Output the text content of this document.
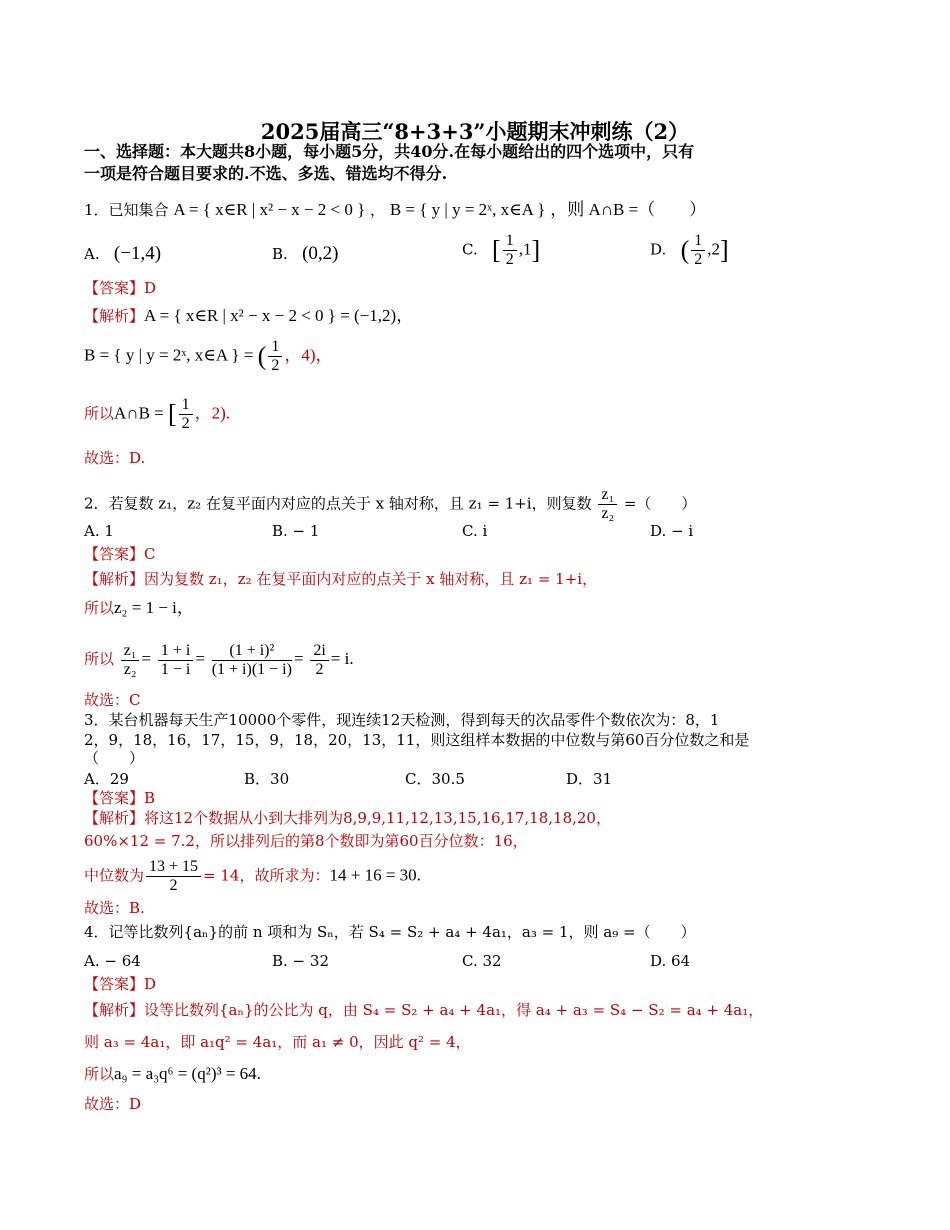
2025届高三“8+3+3”小题期末冲刺练（2）
一、选择题：本大题共8小题，每小题5分，共40分.在每小题给出的四个选项中，只有
一项是符合题目要求的.不选、多选、错选均不得分.
1．已知集合 A = { x∈R | x² − x − 2 < 0 } ， B = { y | y = 2ˣ, x∈A } ，则 A∩B =（　　）
A. (−1,4)	B. (0,2)	C. [ $\frac{1}{2} ,1$]	D. ( $\frac{1}{2} ,2$]
【答案】D
【解析】A = { x∈R | x² − x − 2 < 0 } = (−1,2)，
B = { y | y = 2ˣ, x∈A } = ( $\frac{1}{2}$ ，4)，
所以A∩B = [ $\frac{1}{2}$ ，2).
故选：D.
2．若复数 z₁，z₂ 在复平面内对应的点关于 x 轴对称，且 z₁ = 1+i，则复数 $\frac{\text{z₁}}{\text{z₂}}$ =（　　）
A. 1	B. − 1	C. i	D. − i
【答案】C
【解析】因为复数 z₁，z₂ 在复平面内对应的点关于 x 轴对称，且 z₁ = 1+i，
所以z₂ = 1 − i，
所以 $\frac{\text{z₁}}{\text{z₂}} = \frac{1 + i}{1 - i} = \frac{\text{(1 + i)²}}{(1 + i)(1 - i)} = \frac{2i}{2} = i$.
故选：C
3．某台机器每天生产10000个零件，现连续12天检测，得到每天的次品零件个数依次为：8，1
2，9，18，16，17，15，9，18，20，13，11，则这组样本数据的中位数与第60百分位数之和是
（　　）
A．29	B．30	C．30.5	D．31
【答案】B
【解析】将这12个数据从小到大排列为8,9,9,11,12,13,15,16,17,18,18,20，
60%×12 = 7.2，所以排列后的第8个数即为第60百分位数：16，
中位数为 $\frac{13 + 15}{2} = 14$，故所求为：14 + 16 = 30.
故选：B.
4．记等比数列{aₙ}的前 n 项和为 Sₙ，若 S₄ = S₂ + a₄ + 4a₁，a₃ = 1，则 a₉ =（　　）
A. − 64	B. − 32	C. 32	D. 64
【答案】D
【解析】设等比数列{aₙ}的公比为 q，由 S₄ = S₂ + a₄ + 4a₁，得 a₄ + a₃ = S₄ − S₂ = a₄ + 4a₁，
则 a₃ = 4a₁，即 a₁q² = 4a₁，而 a₁ ≠ 0，因此 q² = 4，
所以a₉ = a₃q⁶ = (q²)³ = 64.
故选：D
